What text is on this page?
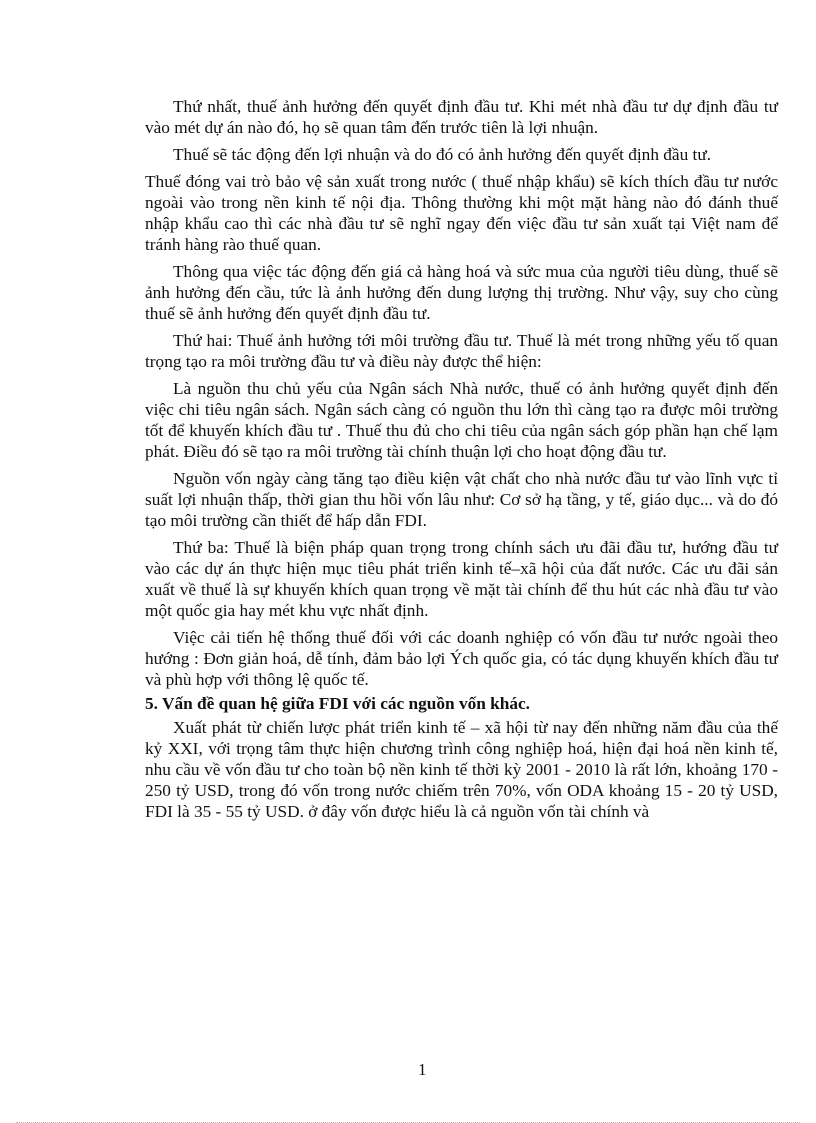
Thứ nhất, thuế ảnh hưởng đến quyết định đầu tư. Khi mét nhà đầu tư dự định đầu tư vào mét dự án nào đó, họ sẽ quan tâm đến trước tiên là lợi nhuận.

Thuế sẽ tác động đến lợi nhuận và do đó có ảnh hưởng đến quyết định đầu tư.

Thuế đóng vai trò bảo vệ sản xuất trong nước ( thuế nhập khẩu) sẽ kích thích đầu tư nước ngoài vào trong nền kinh tế nội địa. Thông thường khi một mặt hàng nào đó đánh thuế nhập khẩu cao thì các nhà đầu tư sẽ nghĩ ngay đến việc đầu tư sản xuất tại Việt nam để tránh hàng rào thuế quan.

Thông qua việc tác động đến giá cả hàng hoá và sức mua của người tiêu dùng, thuế sẽ ảnh hưởng đến cầu, tức là ảnh hưởng đến dung lượng thị trường. Như vậy, suy cho cùng thuế sẽ ảnh hưởng đến quyết định đầu tư.

Thứ hai: Thuế ảnh hưởng tới môi trường đầu tư. Thuế là mét trong những yếu tố quan trọng tạo ra môi trường đầu tư và điều này được thể hiện:

Là nguồn thu chủ yếu của Ngân sách Nhà nước, thuế có ảnh hưởng quyết định đến việc chi tiêu ngân sách. Ngân sách càng có nguồn thu lớn thì càng tạo ra được môi trường tốt để khuyến khích đầu tư . Thuế thu đủ cho chi tiêu của ngân sách góp phần hạn chế lạm phát. Điều đó sẽ tạo ra môi trường tài chính thuận lợi cho hoạt động đầu tư.

Nguồn vốn ngày càng tăng tạo điều kiện vật chất cho nhà nước đầu tư vào lĩnh vực tỉ suất lợi nhuận thấp, thời gian thu hồi vốn lâu như: Cơ sở hạ tầng, y tế, giáo dục... và do đó tạo môi trường cần thiết để hấp dẫn FDI.

Thứ ba: Thuế là biện pháp quan trọng trong chính sách ưu đãi đầu tư, hướng đầu tư vào các dự án thực hiện mục tiêu phát triển kinh tế–xã hội của đất nước. Các ưu đãi sản xuất về thuế là sự khuyến khích quan trọng về mặt tài chính để thu hút các nhà đầu tư vào một quốc gia hay mét khu vực nhất định.

Việc cải tiến hệ thống thuế đối với các doanh nghiệp có vốn đầu tư nước ngoài theo hướng : Đơn giản hoá, dễ tính, đảm bảo lợi Ých quốc gia, có tác dụng khuyến khích đầu tư và phù hợp với thông lệ quốc tế.

5. Vấn đề quan hệ giữa FDI với các nguồn vốn khác.

Xuất phát từ chiến lược phát triển kinh tế – xã hội từ nay đến những năm đầu của thế kỷ XXI, với trọng tâm thực hiện chương trình công nghiệp hoá, hiện đại hoá nền kinh tế, nhu cầu về vốn đầu tư cho toàn bộ nền kinh tế thời kỳ 2001 - 2010 là rất lớn, khoảng 170 - 250 tỷ USD, trong đó vốn trong nước chiếm trên 70%, vốn ODA khoảng 15 - 20 tỷ USD, FDI là 35 - 55 tỷ USD. ở đây vốn được hiểu là cả nguồn vốn tài chính và

1
